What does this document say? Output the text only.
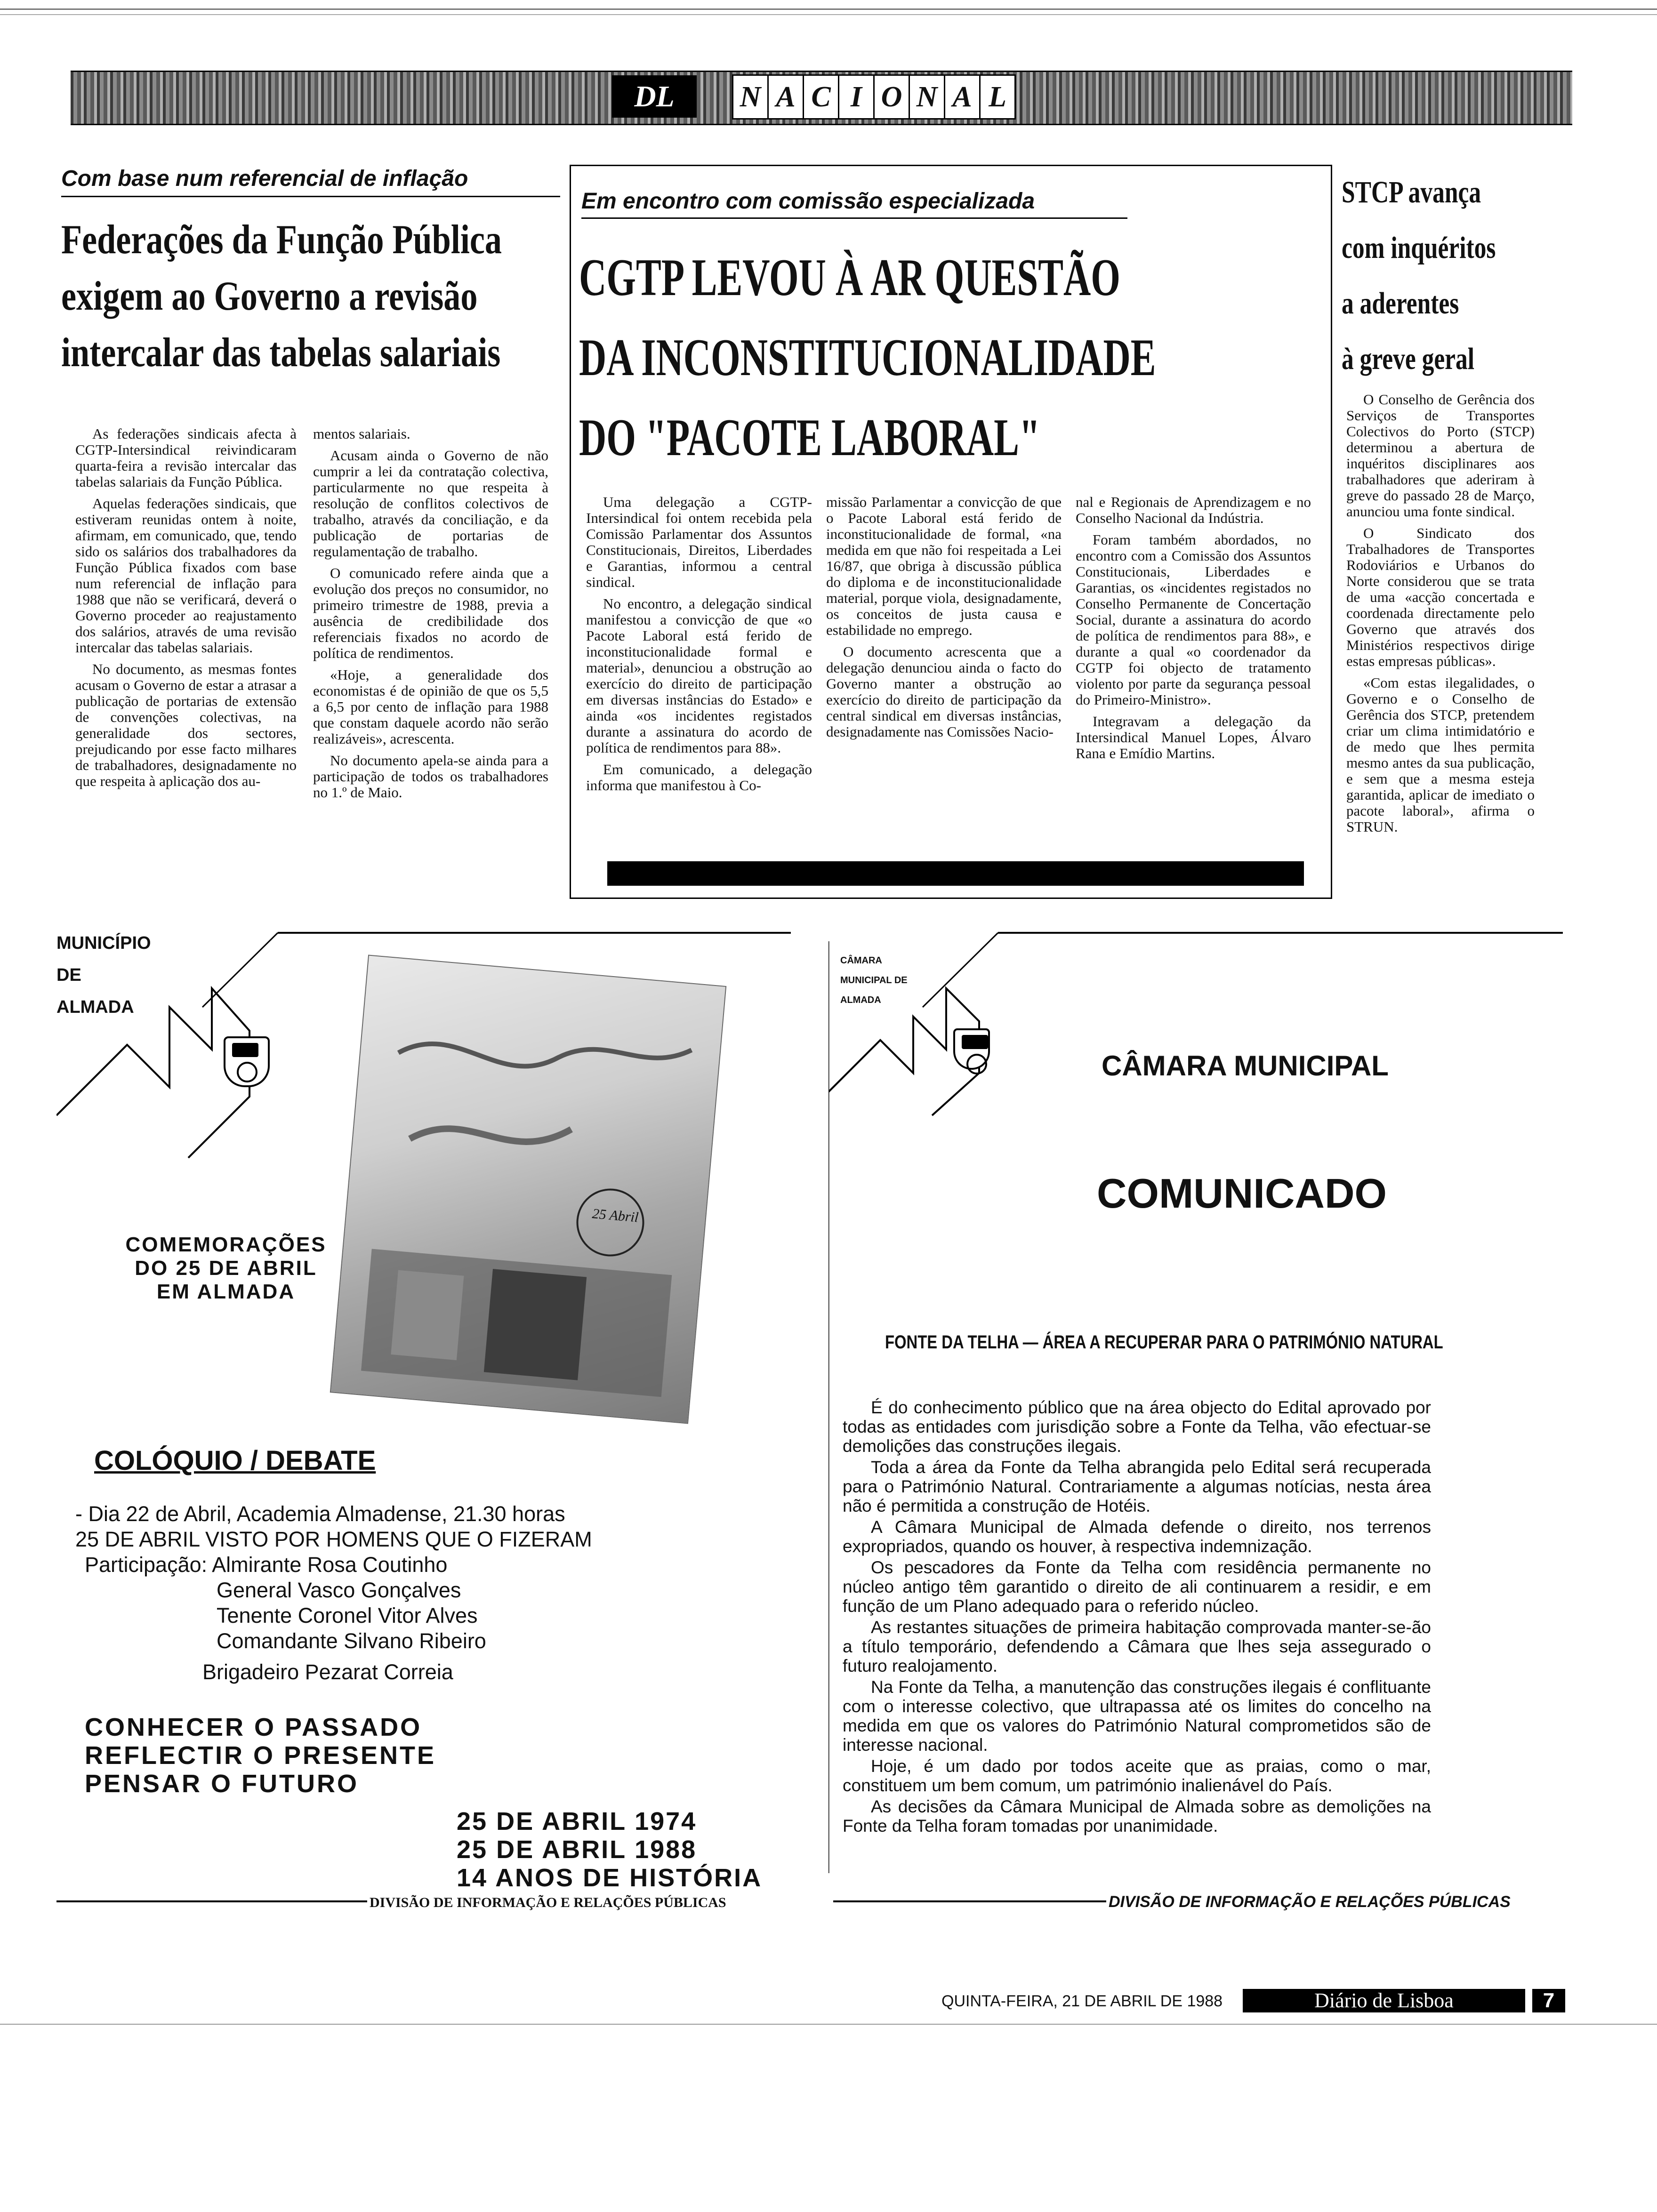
DL	N A C I O N A L
Com base num referencial de inflação
Federações da Função Pública
exigem ao Governo a revisão
intercalar das tabelas salariais

As federações sindicais afecta à CGTP-Intersindical reivindicaram quarta-feira a revisão intercalar das tabelas salariais da Função Pública.

Aquelas federações sindicais, que estiveram reunidas ontem à noite, afirmam, em comunicado, que, tendo sido os salários dos trabalhadores da Função Pública fixados com base num referencial de inflação para 1988 que não se verificará, deverá o Governo proceder ao reajustamento dos salários, através de uma revisão intercalar das tabelas salariais.

No documento, as mesmas fontes acusam o Governo de estar a atrasar a publicação de portarias de extensão de convenções colectivas, na generalidade dos sectores, prejudicando por esse facto milhares de trabalhadores, designadamente no que respeita à aplicação dos au-

mentos salariais.

Acusam ainda o Governo de não cumprir a lei da contratação colectiva, particularmente no que respeita à resolução de conflitos colectivos de trabalho, através da conciliação, e da publicação de portarias de regulamentação de trabalho.

O comunicado refere ainda que a evolução dos preços no consumidor, no primeiro trimestre de 1988, previa a ausência de credibilidade dos referenciais fixados no acordo de política de rendimentos.

«Hoje, a generalidade dos economistas é de opinião de que os 5,5 a 6,5 por cento de inflação para 1988 que constam daquele acordo não serão realizáveis», acrescenta.

No documento apela-se ainda para a participação de todos os trabalhadores no 1.º de Maio.

Em encontro com comissão especializada
CGTP LEVOU À AR QUESTÃO
DA INCONSTITUCIONALIDADE
DO "PACOTE LABORAL"

Uma delegação a CGTP-Intersindical foi ontem recebida pela Comissão Parlamentar dos Assuntos Constitucionais, Direitos, Liberdades e Garantias, informou a central sindical.

No encontro, a delegação sindical manifestou a convicção de que «o Pacote Laboral está ferido de inconstitucionalidade formal e material», denunciou a obstrução ao exercício do direito de participação em diversas instâncias do Estado» e ainda «os incidentes registados durante a assinatura do acordo de política de rendimentos para 88».

Em comunicado, a delegação informa que manifestou à Co-

missão Parlamentar a convicção de que o Pacote Laboral está ferido de inconstitucionalidade de formal, «na medida em que não foi respeitada a Lei 16/87, que obriga à discussão pública do diploma e de inconstitucionalidade material, porque viola, designadamente, os conceitos de justa causa e estabilidade no emprego.

O documento acrescenta que a delegação denunciou ainda o facto do Governo manter a obstrução ao exercício do direito de participação da central sindical em diversas instâncias, designadamente nas Comissões Nacio-

nal e Regionais de Aprendizagem e no Conselho Nacional da Indústria.

Foram também abordados, no encontro com a Comissão dos Assuntos Constitucionais, Liberdades e Garantias, os «incidentes registados no Conselho Permanente de Concertação Social, durante a assinatura do acordo de política de rendimentos para 88», e durante a qual «o coordenador da CGTP foi objecto de tratamento violento por parte da segurança pessoal do Primeiro-Ministro».

Integravam a delegação da Intersindical Manuel Lopes, Álvaro Rana e Emídio Martins.

STCP avança
com inquéritos
a aderentes
à greve geral

O Conselho de Gerência dos Serviços de Transportes Colectivos do Porto (STCP) determinou a abertura de inquéritos disciplinares aos trabalhadores que aderiram à greve do passado 28 de Março, anunciou uma fonte sindical.

O Sindicato dos Trabalhadores de Transportes Rodoviários e Urbanos do Norte considerou que se trata de uma «acção concertada e coordenada directamente pelo Governo que através dos Ministérios respectivos dirige estas empresas públicas».

«Com estas ilegalidades, o Governo e o Conselho de Gerência dos STCP, pretendem criar um clima intimidatório e de medo que lhes permita mesmo antes da sua publicação, e sem que a mesma esteja garantida, aplicar de imediato o pacote laboral», afirma o STRUN.

MUNICÍPIO
DE
ALMADA
25 Abril
COMEMORAÇÕES
DO 25 DE ABRIL
EM ALMADA
COLÓQUIO / DEBATE
- Dia 22 de Abril, Academia Almadense, 21.30 horas
25 DE ABRIL VISTO POR HOMENS QUE O FIZERAM
Participação: Almirante Rosa Coutinho
General Vasco Gonçalves
Tenente Coronel Vitor Alves
Comandante Silvano Ribeiro
Brigadeiro Pezarat Correia
CONHECER O PASSADO
REFLECTIR O PRESENTE
PENSAR O FUTURO
25 DE ABRIL 1974
25 DE ABRIL 1988
14 ANOS DE HISTÓRIA
DIVISÃO DE INFORMAÇÃO E RELAÇÕES PÚBLICAS
CÂMARA
MUNICIPAL DE
ALMADA
CÂMARA MUNICIPAL
COMUNICADO
FONTE DA TELHA — ÁREA A RECUPERAR PARA O PATRIMÓNIO NATURAL

É do conhecimento público que na área objecto do Edital aprovado por todas as entidades com jurisdição sobre a Fonte da Telha, vão efectuar-se demolições das construções ilegais.

Toda a área da Fonte da Telha abrangida pelo Edital será recuperada para o Património Natural. Contrariamente a algumas notícias, nesta área não é permitida a construção de Hotéis.

A Câmara Municipal de Almada defende o direito, nos terrenos expropriados, quando os houver, à respectiva indemnização.

Os pescadores da Fonte da Telha com residência permanente no núcleo antigo têm garantido o direito de ali continuarem a residir, e em função de um Plano adequado para o referido núcleo.

As restantes situações de primeira habitação comprovada manter-se-ão a título temporário, defendendo a Câmara que lhes seja assegurado o futuro realojamento.

Na Fonte da Telha, a manutenção das construções ilegais é conflituante com o interesse colectivo, que ultrapassa até os limites do concelho na medida em que os valores do Património Natural comprometidos são de interesse nacional.

Hoje, é um dado por todos aceite que as praias, como o mar, constituem um bem comum, um património inalienável do País.

As decisões da Câmara Municipal de Almada sobre as demolições na Fonte da Telha foram tomadas por unanimidade.

DIVISÃO DE INFORMAÇÃO E RELAÇÕES PÚBLICAS
QUINTA-FEIRA, 21 DE ABRIL DE 1988	Diário de Lisboa	7
